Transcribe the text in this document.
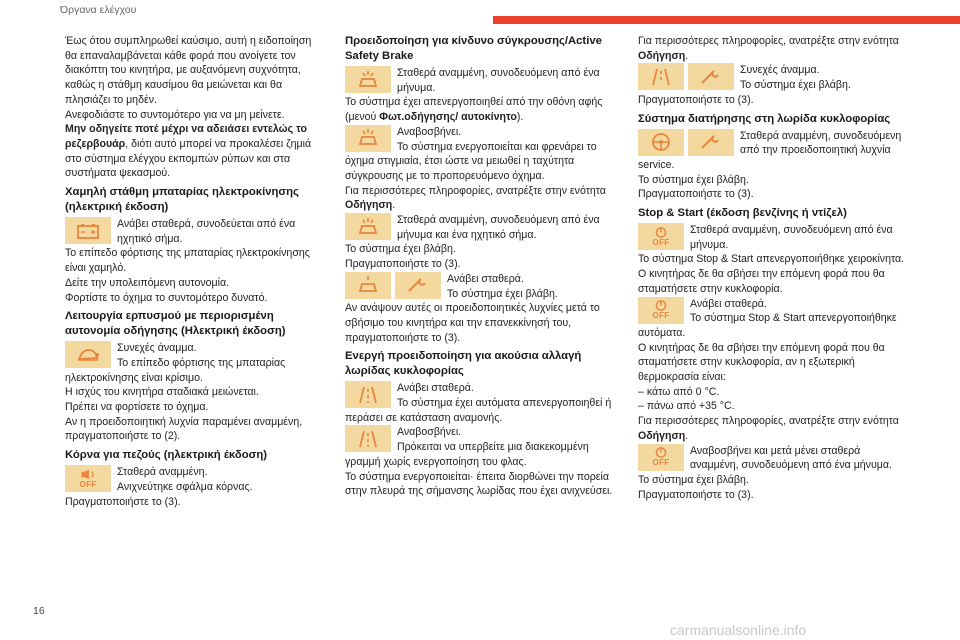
Όργανα ελέγχου

Έως ότου συμπληρωθεί καύσιμο, αυτή η ειδοποίηση θα επαναλαμβάνεται κάθε φορά που ανοίγετε τον διακόπτη του κινητήρα, με αυξανόμενη συχνότητα, καθώς η στάθμη καυσίμου θα μειώνεται και θα πλησιάζει το μηδέν.

Ανεφοδιάστε το συντομότερο για να μη μείνετε.

Μην οδηγείτε ποτέ μέχρι να αδειάσει εντελώς το ρεζερβουάρ, διότι αυτό μπορεί να προκαλέσει ζημιά στο σύστημα ελέγχου εκπομπών ρύπων και στα συστήματα ψεκασμού.

Χαμηλή στάθμη μπαταρίας ηλεκτροκίνησης (ηλεκτρική έκδοση)

Ανάβει σταθερά, συνοδεύεται από ένα ηχητικό σήμα.

Το επίπεδο φόρτισης της μπαταρίας ηλεκτροκίνησης είναι χαμηλό.

Δείτε την υπολειπόμενη αυτονομία.

Φορτίστε το όχημα το συντομότερο δυνατό.

Λειτουργία ερπυσμού με περιορισμένη αυτονομία οδήγησης (Ηλεκτρική έκδοση)

Συνεχές άναμμα.

Το επίπεδο φόρτισης της μπαταρίας ηλεκτροκίνησης είναι κρίσιμο.

Η ισχύς του κινητήρα σταδιακά μειώνεται.

Πρέπει να φορτίσετε το όχημα.

Αν η προειδοποιητική λυχνία παραμένει αναμμένη, πραγματοποιήστε το (2).

Κόρνα για πεζούς (ηλεκτρική έκδοση)
OFF

Σταθερά αναμμένη.

Ανιχνεύτηκε σφάλμα κόρνας.

Πραγματοποιήστε το (3).

Προειδοποίηση για κίνδυνο σύγκρουσης/Active Safety Brake

Σταθερά αναμμένη, συνοδευόμενη από ένα μήνυμα.

Το σύστημα έχει απενεργοποιηθεί από την οθόνη αφής (μενού Φωτ.οδήγησης/ αυτοκίνητο).

Αναβοσβήνει.

Το σύστημα ενεργοποιείται και φρενάρει το όχημα στιγμιαία, έτσι ώστε να μειωθεί η ταχύτητα σύγκρουσης με το προπορευόμενο όχημα.

Για περισσότερες πληροφορίες, ανατρέξτε στην ενότητα Οδήγηση.

Σταθερά αναμμένη, συνοδευόμενη από ένα μήνυμα και ένα ηχητικό σήμα.

Το σύστημα έχει βλάβη.

Πραγματοποιήστε το (3).

Ανάβει σταθερά.

Το σύστημα έχει βλάβη.

Αν ανάψουν αυτές οι προειδοποιητικές λυχνίες μετά το σβήσιμο του κινητήρα και την επανεκκίνησή του, πραγματοποιήστε το (3).

Ενεργή προειδοποίηση για ακούσια αλλαγή λωρίδας κυκλοφορίας

Ανάβει σταθερά.

Το σύστημα έχει αυτόματα απενεργοποιηθεί ή περάσει σε κατάσταση αναμονής.

Αναβοσβήνει.

Πρόκειται να υπερβείτε μια διακεκομμένη γραμμή χωρίς ενεργοποίηση του φλας.

Το σύστημα ενεργοποιείται· έπειτα διορθώνει την πορεία στην πλευρά της σήμανσης λωρίδας που έχει ανιχνεύσει.

Για περισσότερες πληροφορίες, ανατρέξτε στην ενότητα Οδήγηση.

Συνεχές άναμμα.

Το σύστημα έχει βλάβη.

Πραγματοποιήστε το (3).

Σύστημα διατήρησης στη λωρίδα κυκλοφορίας

Σταθερά αναμμένη, συνοδευόμενη από την προειδοποιητική λυχνία service.

Το σύστημα έχει βλάβη.

Πραγματοποιήστε το (3).

Stop & Start (έκδοση βενζίνης ή ντίζελ)
OFF

Σταθερά αναμμένη, συνοδευόμενη από ένα μήνυμα.

Το σύστημα Stop & Start απενεργοποιήθηκε χειροκίνητα.

Ο κινητήρας δε θα σβήσει την επόμενη φορά που θα σταματήσετε στην κυκλοφορία.

OFF

Ανάβει σταθερά.

Το σύστημα Stop & Start απενεργοποιήθηκε αυτόματα.

Ο κινητήρας δε θα σβήσει την επόμενη φορά που θα σταματήσετε στην κυκλοφορία, αν η εξωτερική θερμοκρασία είναι:

– κάτω από 0 °C.

– πάνω από +35 °C.

Για περισσότερες πληροφορίες, ανατρέξτε στην ενότητα Οδήγηση.

OFF

Αναβοσβήνει και μετά μένει σταθερά αναμμένη, συνοδευόμενη από ένα μήνυμα.

Το σύστημα έχει βλάβη.

Πραγματοποιήστε το (3).

16
carmanualsonline.info
